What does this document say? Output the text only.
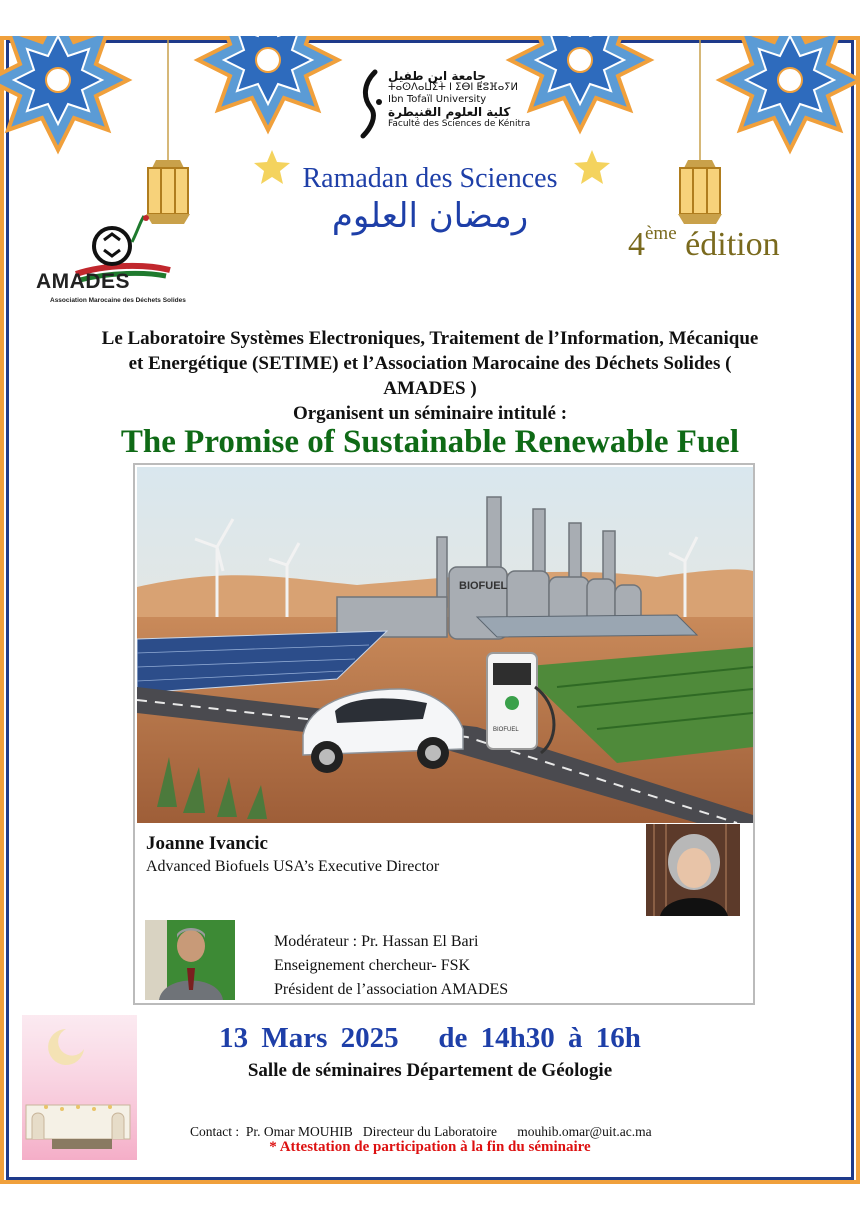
جامعة ابن طفيل
ⵜⴰⵙⴷⴰⵡⵉⵜ ⵏ ⵉⴱⵏ ⵟⵓⴼⴰⵢⵍ
Ibn Tofaïl University
كلية العلوم القنيطرة
Faculté des Sciences de Kénitra
Ramadan des Sciences
رمضان العلوم
4ème édition
AMADES
Association Marocaine des Déchets Solides
Le Laboratoire Systèmes Electroniques, Traitement de l’Information, Mécanique
et Energétique (SETIME) et l’Association Marocaine des Déchets Solides (
AMADES )
Organisent un séminaire intitulé :
The Promise of Sustainable Renewable Fuel
BIOFUEL
BIOFUEL
Joanne Ivancic
Advanced Biofuels USA’s Executive Director
Modérateur : Pr. Hassan El Bari
Enseignement chercheur- FSK
Président de l’association AMADES
13 Mars 2025 de 14h30 à 16h
Salle de séminaires Département de Géologie
Contact :  Pr. Omar MOUHIB   Directeur du Laboratoire      mouhib.omar@uit.ac.ma
* Attestation de participation à la fin du séminaire
